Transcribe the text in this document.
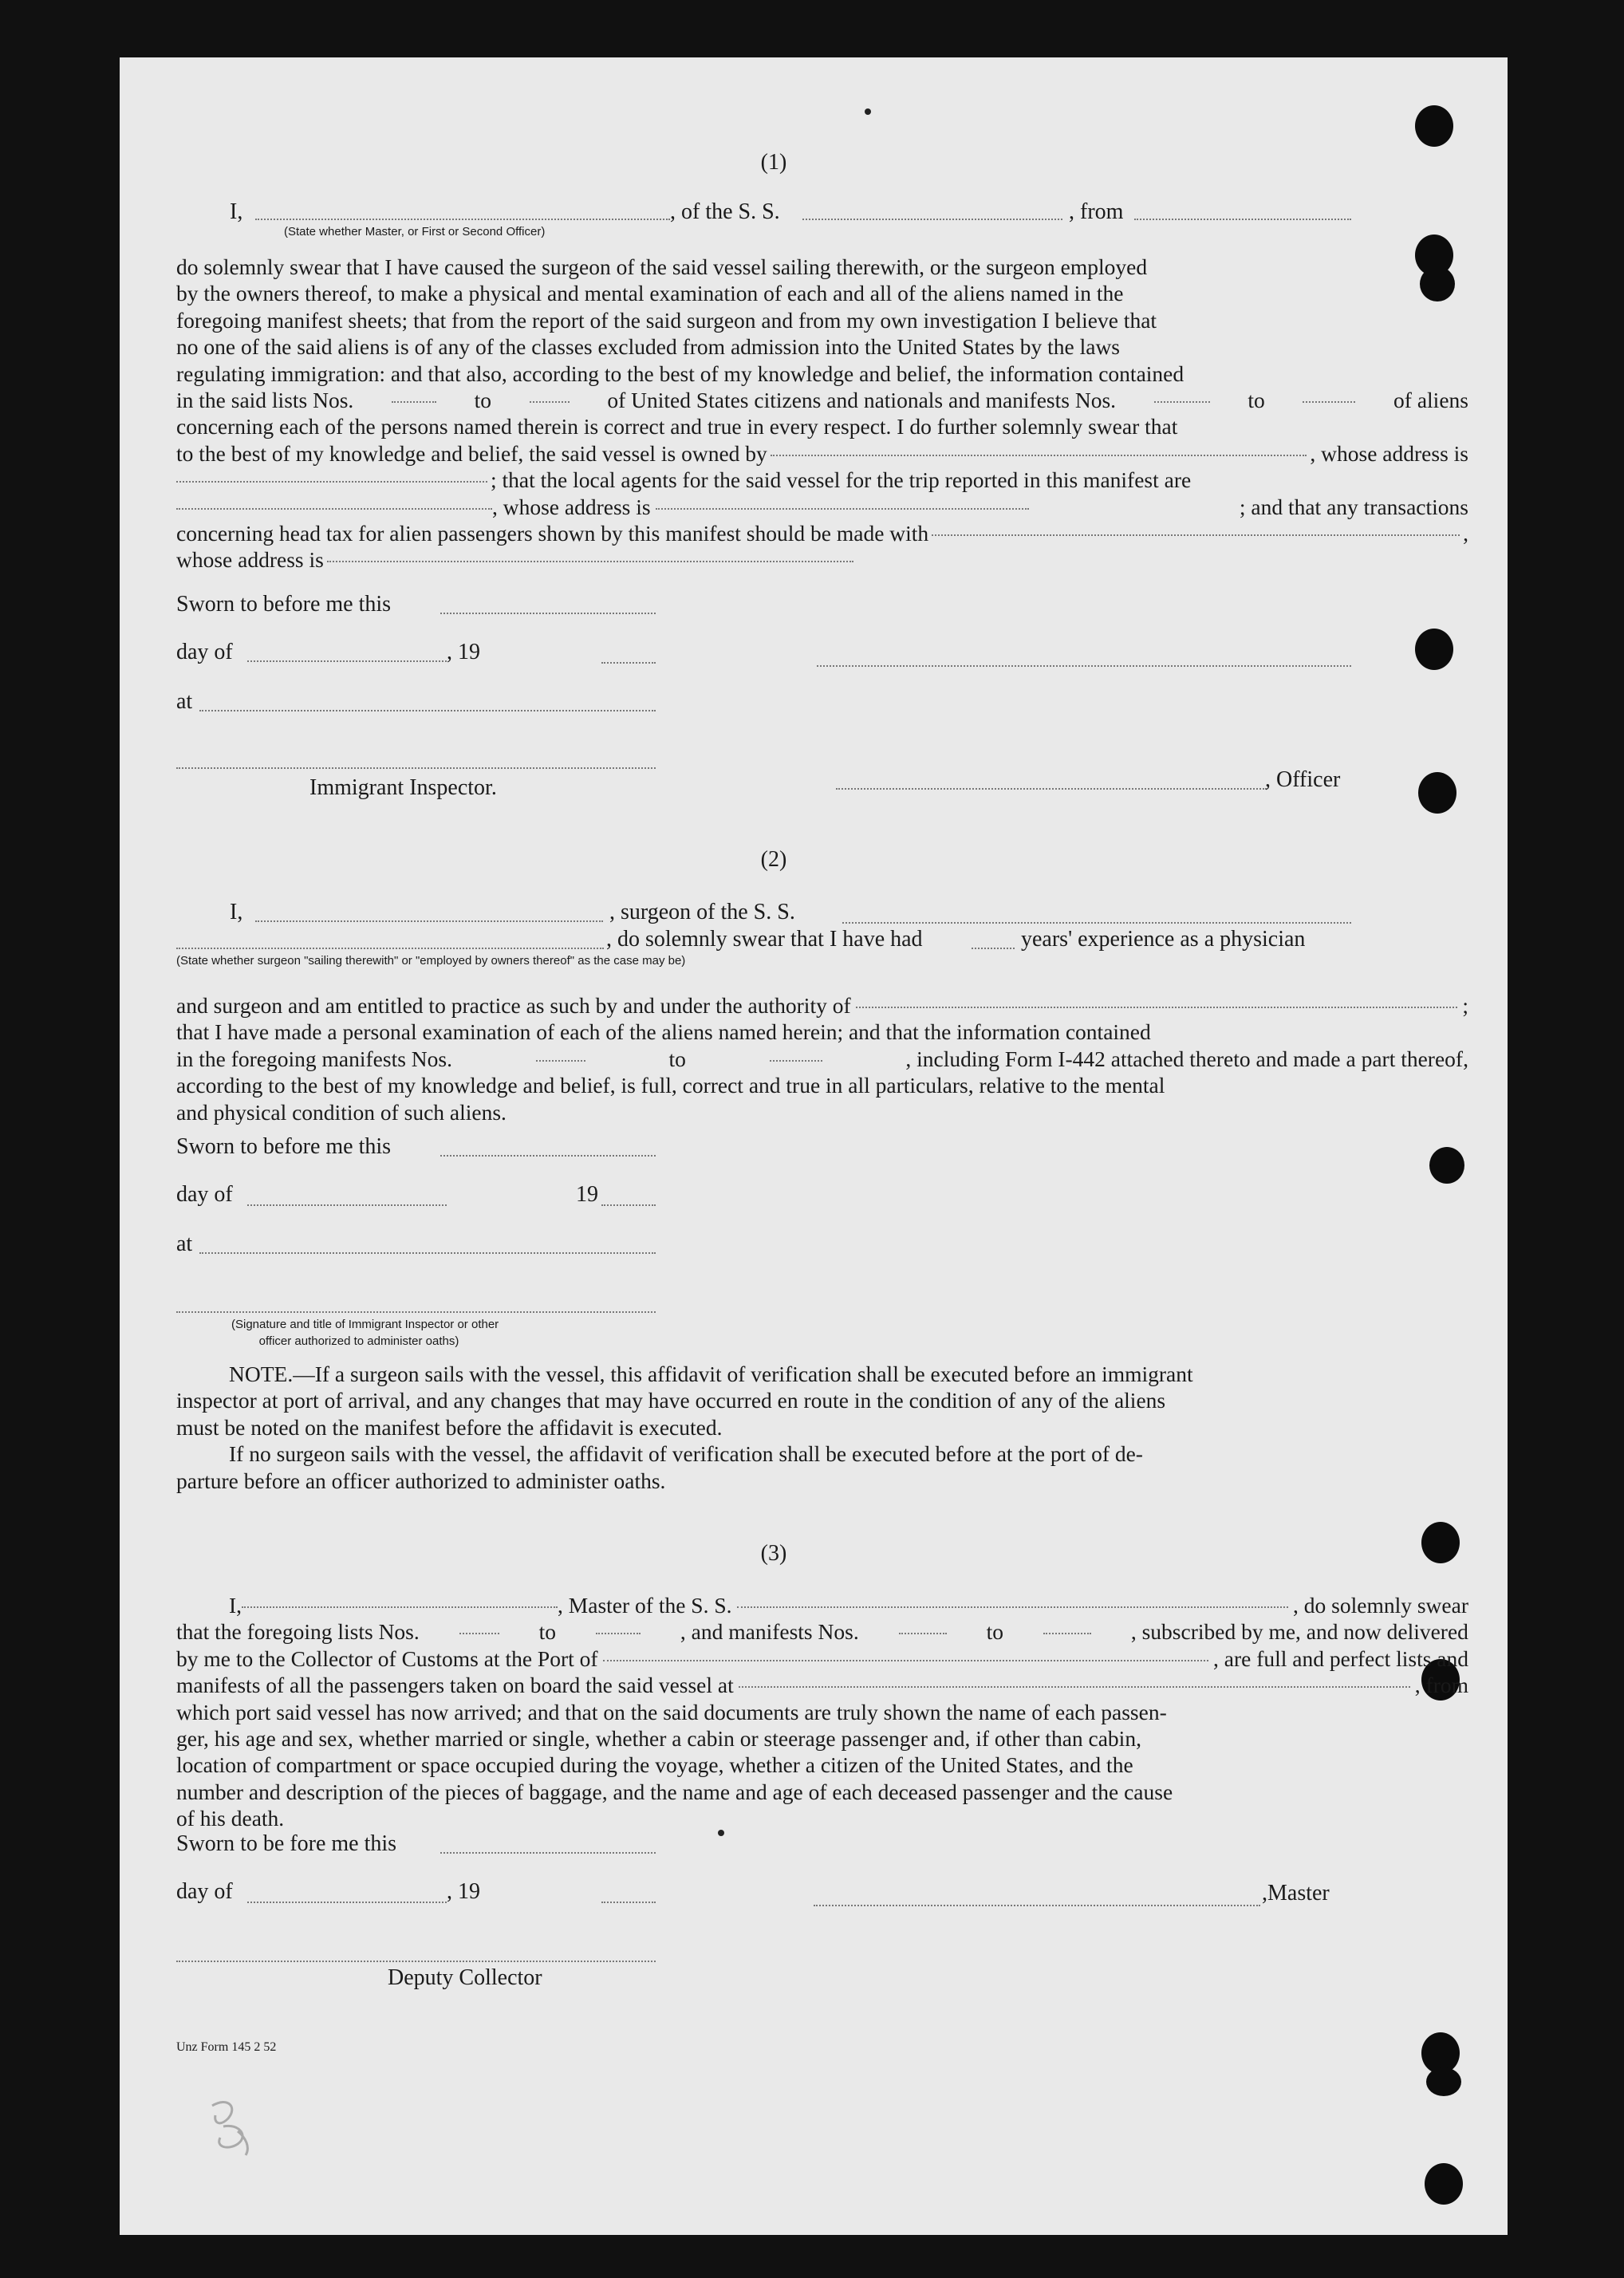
(1)
I,	, of the S. S.	, from
(State whether Master, or First or Second Officer)
do solemnly swear that I have caused the surgeon of the said vessel sailing therewith, or the surgeon employed
by the owners thereof, to make a physical and mental examination of each and all of the aliens named in the
foregoing manifest sheets; that from the report of the said surgeon and from my own investigation I believe that
no one of the said aliens is of any of the classes excluded from admission into the United States by the laws
regulating immigration: and that also, according to the best of my knowledge and belief, the information contained
in the said lists Nos.	to	of United States citizens and nationals and manifests Nos.	to	of aliens
concerning each of the persons named therein is correct and true in every respect. I do further solemnly swear that
to the best of my knowledge and belief, the said vessel is owned by	, whose address is
; that the local agents for the said vessel for the trip reported in this manifest are
, whose address is	; and that any transactions
concerning head tax for alien passengers shown by this manifest should be made with	,
whose address is
Sworn to before me this
day of	, 19
at
Immigrant Inspector.	, Officer
(2)
I,	, surgeon of the S. S.
, do solemnly swear that I have had	years' experience as a physician
(State whether surgeon "sailing therewith" or "employed by owners thereof" as the case may be)
and surgeon and am entitled to practice as such by and under the authority of	;
that I have made a personal examination of each of the aliens named herein; and that the information contained
in the foregoing manifests Nos.	to	, including Form I-442 attached thereto and made a part thereof,
according to the best of my knowledge and belief, is full, correct and true in all particulars, relative to the mental
and physical condition of such aliens.
Sworn to before me this
day of	19
at
(Signature and title of Immigrant Inspector or other
officer authorized to administer oaths)
NOTE.—If a surgeon sails with the vessel, this affidavit of verification shall be executed before an immigrant
inspector at port of arrival, and any changes that may have occurred en route in the condition of any of the aliens
must be noted on the manifest before the affidavit is executed.
If no surgeon sails with the vessel, the affidavit of verification shall be executed before at the port of de-
parture before an officer authorized to administer oaths.
(3)
I,	, Master of the S. S.	, do solemnly swear
that the foregoing lists Nos.	to	, and manifests Nos.	to	, subscribed by me, and now delivered
by me to the Collector of Customs at the Port of	, are full and perfect lists and
manifests of all the passengers taken on board the said vessel at	, from
which port said vessel has now arrived; and that on the said documents are truly shown the name of each passen-
ger, his age and sex, whether married or single, whether a cabin or steerage passenger and, if other than cabin,
location of compartment or space occupied during the voyage, whether a citizen of the United States, and the
number and description of the pieces of baggage, and the name and age of each deceased passenger and the cause
of his death.
Sworn to be fore me this
day of	, 19	,Master
Deputy Collector
Unz Form 145 2 52
